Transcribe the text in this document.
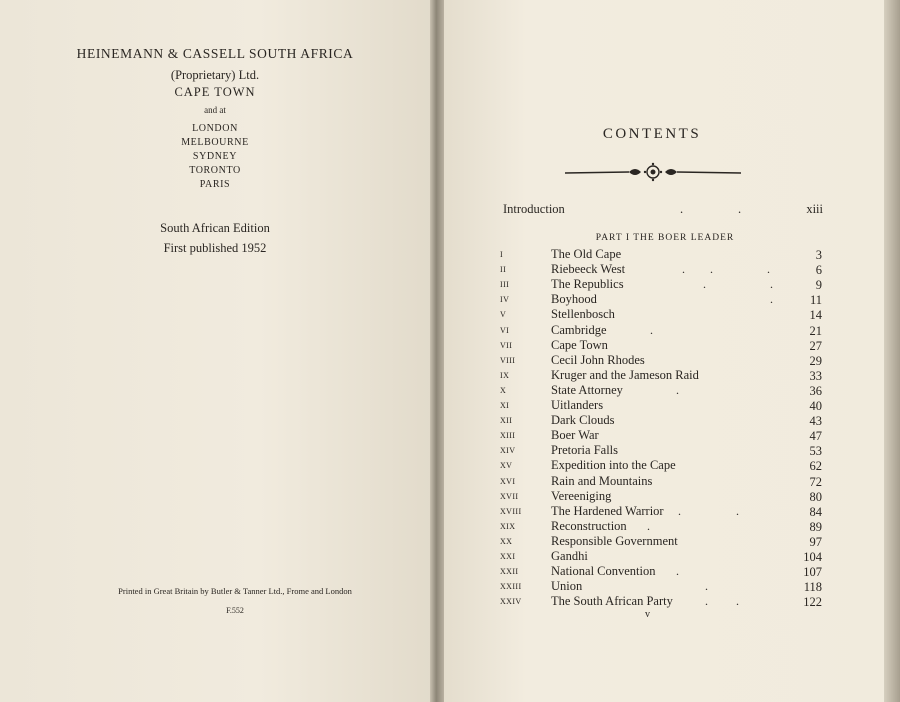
HEINEMANN & CASSELL SOUTH AFRICA
(Proprietary) Ltd.
CAPE TOWN
and at
LONDON
MELBOURNE
SYDNEY
TORONTO
PARIS
South African Edition
First published 1952
Printed in Great Britain by Butler & Tanner Ltd., Frome and London
F.552
CONTENTS
Introduction	.	.	xiii
PART I THE BOER LEADER
I	The Old Cape	3
II	Riebeeck West	6
. .	.
III	The Republics	9
.	.
IV	Boyhood	11
.
V	Stellenbosch	14
VI	Cambridge	21
.
VII	Cape Town	27
VIII	Cecil John Rhodes	29
IX	Kruger and the Jameson Raid	33
X	State Attorney	36
.
XI	Uitlanders	40
XII	Dark Clouds	43
XIII	Boer War	47
XIV	Pretoria Falls	53
XV	Expedition into the Cape	62
XVI	Rain and Mountains	72
XVII	Vereeniging	80
XVIII The Hardened Warrior	84
.	.
XIX	Reconstruction	89
.
XX	Responsible Government	97
XXI	Gandhi	104
XXII	National Convention	107
.
XXIII Union	118
.
XXIV The South African Party	122
. .
v
